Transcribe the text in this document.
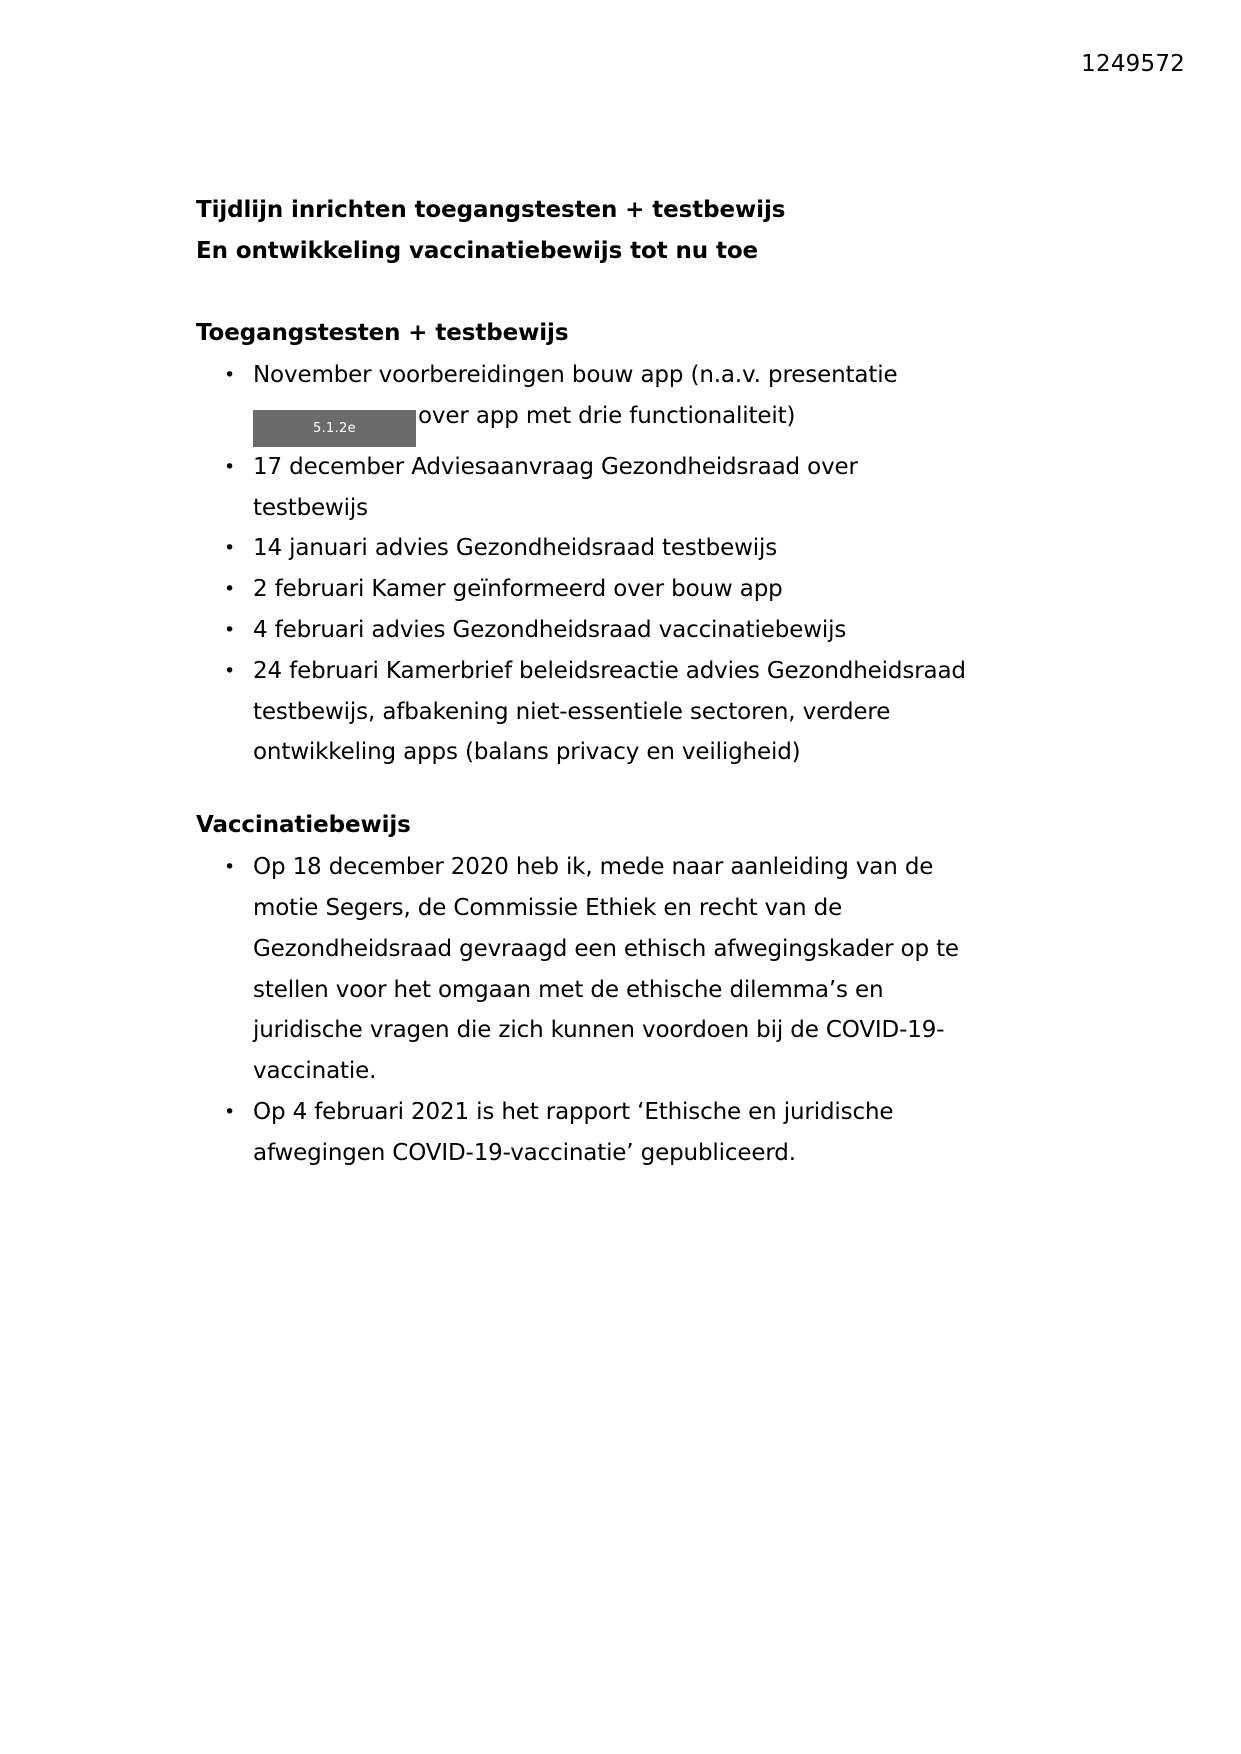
1249572
Tijdlijn inrichten toegangstesten + testbewijs
En ontwikkeling vaccinatiebewijs tot nu toe
Toegangstesten + testbewijs
• November voorbereidingen bouw app (n.a.v. presentatie5.1.2e	over app met drie functionaliteit)
• 17 december Adviesaanvraag Gezondheidsraad over testbewijs
• 14 januari advies Gezondheidsraad testbewijs
• 2 februari Kamer geïnformeerd over bouw app
• 4 februari advies Gezondheidsraad vaccinatiebewijs
• 24 februari Kamerbrief beleidsreactie advies Gezondheidsraad testbewijs, afbakening niet-essentiele sectoren, verdere ontwikkeling apps (balans privacy en veiligheid)
Vaccinatiebewijs
• Op 18 december 2020 heb ik, mede naar aanleiding van de motie Segers, de Commissie Ethiek en recht van de Gezondheidsraad gevraagd een ethisch afwegingskader op te stellen voor het omgaan met de ethische dilemma’s en juridische vragen die zich kunnen voordoen bij de COVID-19-vaccinatie.
• Op 4 februari 2021 is het rapport ‘Ethische en juridische afwegingen COVID-19-vaccinatie’ gepubliceerd.
